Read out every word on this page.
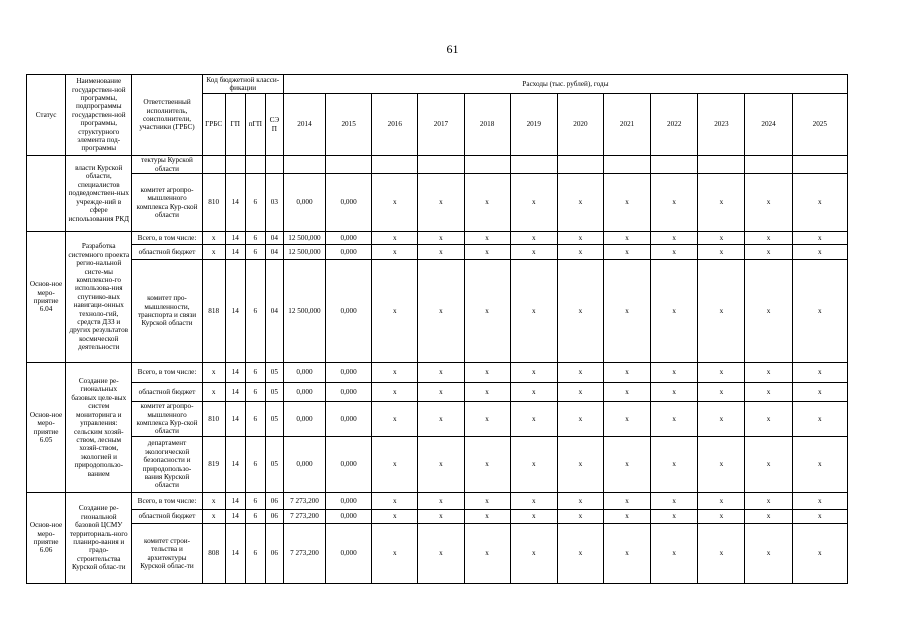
61
Статус	Наименование государствен-ной программы, подпрограммы государствен-ной программы, структурного элемента под-программы	Ответственный исполнитель, соисполнители, участники (ГРБС)	Код бюджетной класси-фикации				Расходы (тыс. рублей), годы											
			ГРБС	ГП	пГП	СЭП	2014	2015	2016	2017	2018	2019	2020	2021	2022	2023	2024	2025
	власти Курской области, специалистов подведомствен-ных учрежде-ний в сфере использования РКД	тектуры Курской области																
		комитет агропро-мышленного комплекса Кур-ской области	810	14	6	03	0,000	0,000	x	x	x	x	x	x	x	x	x	x
Основ-ное меро-приятие 6.04	Разработка системного проекта регио-нальной систе-мы комплексно-го использова-ния спутнико-вых навигаци-онных техноло-гий, средств ДЗЗ и других результатов космической деятельности	Всего, в том числе:	x	14	6	04	12 500,000	0,000	x	x	x	x	x	x	x	x	x	x
		областной бюджет	x	14	6	04	12 500,000	0,000	x	x	x	x	x	x	x	x	x	x
		комитет про-мышленности, транспорта и связи Курской области	818	14	6	04	12 500,000	0,000	x	x	x	x	x	x	x	x	x	x
Основ-ное меро-приятие 6.05	Создание ре-гиональных базовых целе-вых систем мониторинга и управления: сельским хозяй-ством, лесным хозяй-ством, экологией и природопользо-ванием	Всего, в том числе:	x	14	6	05	0,000	0,000	x	x	x	x	x	x	x	x	x	x
		областной бюджет	x	14	6	05	0,000	0,000	x	x	x	x	x	x	x	x	x	x
		комитет агропро-мышленного комплекса Кур-ской области	810	14	6	05	0,000	0,000	x	x	x	x	x	x	x	x	x	x
		департамент экологической безопасности и природопользо-вания Курской области	819	14	6	05	0,000	0,000	x	x	x	x	x	x	x	x	x	x
Основ-ное меро-приятие 6.06	Создание ре-гиональной базовой ЦСМУ территориаль-ного планиро-вания и градо-строительства Курской облас-ти	Всего, в том числе:	x	14	6	06	7 273,200	0,000	x	x	x	x	x	x	x	x	x	x
		областной бюджет	x	14	6	06	7 273,200	0,000	x	x	x	x	x	x	x	x	x	x
		комитет строи-тельства и архитектуры Курской облас-ти	808	14	6	06	7 273,200	0,000	x	x	x	x	x	x	x	x	x	x
